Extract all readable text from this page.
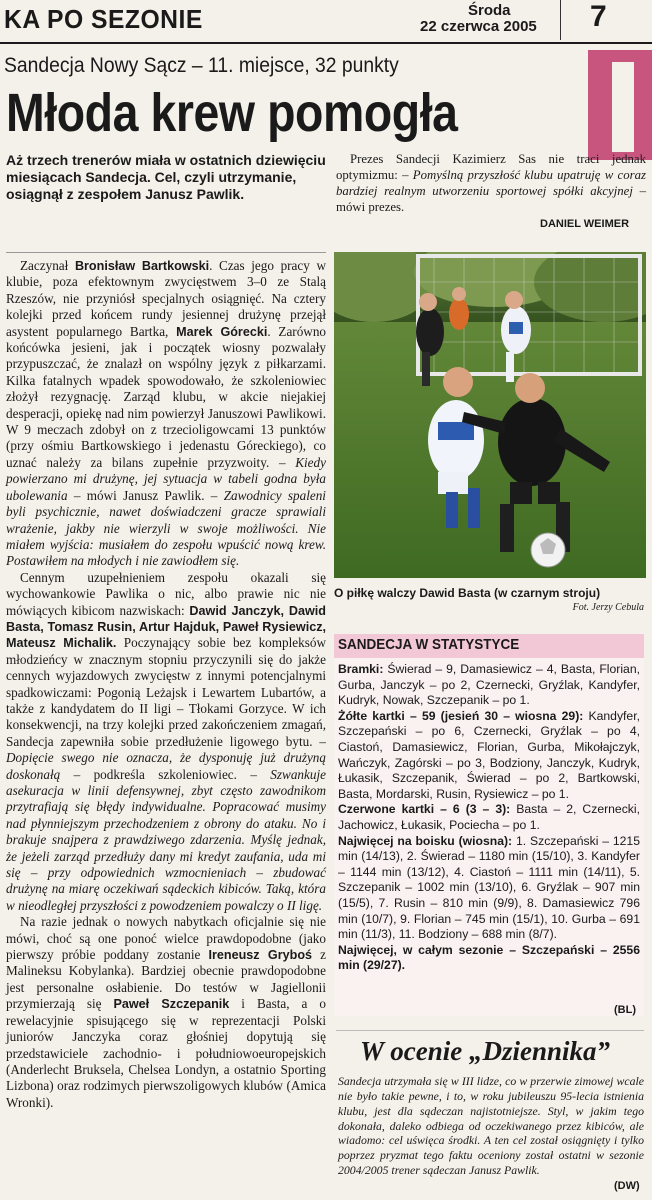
KA PO SEZONIE	Środa
22 czerwca 2005 7
Sandecja Nowy Sącz – 11. miejsce, 32 punkty
Młoda krew pomogła
Aż trzech trenerów miała w ostatnich dziewięciu miesiącach Sandecja. Cel, czyli utrzymanie, osiągnął z zespołem Janusz Pawlik.

Zaczynał Bronisław Bartkowski. Czas jego pracy w klubie, poza efektownym zwycięstwem 3–0 ze Stalą Rzeszów, nie przyniósł specjalnych osiągnięć. Na cztery kolejki przed końcem rundy jesiennej drużynę przejął asystent popularnego Bartka, Marek Górecki. Zarówno końcówka jesieni, jak i początek wiosny pozwalały przypuszczać, że znalazł on wspólny język z piłkarzami. Kilka fatalnych wpadek spowodowało, że szkoleniowiec złożył rezygnację. Zarząd klubu, w akcie niejakiej desperacji, opiekę nad nim powierzył Januszowi Pawlikowi. W 9 meczach zdobył on z trzecioligowcami 13 punktów (przy ośmiu Bartkowskiego i jedenastu Góreckiego), co uznać należy za bilans zupełnie przyzwoity. – Kiedy powierzano mi drużynę, jej sytuacja w tabeli godna była ubolewania – mówi Janusz Pawlik. – Zawodnicy spaleni byli psychicznie, nawet doświadczeni gracze sprawiali wrażenie, jakby nie wierzyli w swoje możliwości. Nie miałem wyjścia: musiałem do zespołu wpuścić nową krew. Postawiłem na młodych i nie zawiodłem się.

Cennym uzupełnieniem zespołu okazali się wychowankowie Pawlika o nic, albo prawie nic nie mówiących kibicom nazwiskach: Dawid Janczyk, Dawid Basta, Tomasz Rusin, Artur Hajduk, Paweł Rysiewicz, Mateusz Michalik. Poczynający sobie bez kompleksów młodzieńcy w znacznym stopniu przyczynili się do jakże cennych wyjazdowych zwycięstw z innymi potencjalnymi spadkowiczami: Pogonią Leżajsk i Lewartem Lubartów, a także z kandydatem do II ligi – Tłokami Gorzyce. W ich konsekwencji, na trzy kolejki przed zakończeniem zmagań, Sandecja zapewniła sobie przedłużenie ligowego bytu. – Dopięcie swego nie oznacza, że dysponuję już drużyną doskonałą – podkreśla szkoleniowiec. – Szwankuje asekuracja w linii defensywnej, zbyt często zawodnikom przytrafiają się błędy indywidualne. Popracować musimy nad płynniejszym przechodzeniem z obrony do ataku. No i brakuje snajpera z prawdziwego zdarzenia. Myślę jednak, że jeżeli zarząd przedłuży dany mi kredyt zaufania, uda mi się – przy odpowiednich wzmocnieniach – zbudować drużynę na miarę oczekiwań sądeckich kibiców. Taką, która w nieodległej przyszłości z powodzeniem powalczy o II ligę.

Na razie jednak o nowych nabytkach oficjalnie się nie mówi, choć są one ponoć wielce prawdopodobne (jako pierwszy próbie poddany zostanie Ireneusz Gryboś z Malineksu Kobylanka). Bardziej obecnie prawdopodobne jest personalne osłabienie. Do testów w Jagiellonii przymierzają się Paweł Szczepanik i Basta, a o rewelacyjnie spisującego się w reprezentacji Polski juniorów Janczyka coraz głośniej dopytują się przedstawiciele zachodnio- i południowoeuropejskich (Anderlecht Bruksela, Chelsea Londyn, a ostatnio Sporting Lizbona) oraz rodzimych pierwszoligowych klubów (Amica Wronki).

Prezes Sandecji Kazimierz Sas nie traci jednak optymizmu: – Pomyślną przyszłość klubu upatruję w coraz bardziej realnym utworzeniu sportowej spółki akcyjnej – mówi prezes.

DANIEL WEIMER
O piłkę walczy Dawid Basta (w czarnym stroju)
Fot. Jerzy Cebula
SANDECJA W STATYSTYCE

Bramki: Świerad – 9, Damasiewicz – 4, Basta, Florian, Gurba, Janczyk – po 2, Czernecki, Gryźlak, Kandyfer, Kudryk, Nowak, Szczepanik – po 1.

Żółte kartki – 59 (jesień 30 – wiosna 29): Kandyfer, Szczepański – po 6, Czernecki, Gryźlak – po 4, Ciastoń, Damasiewicz, Florian, Gurba, Mikołajczyk, Wańczyk, Zagórski – po 3, Bodziony, Janczyk, Kudryk, Łukasik, Szczepanik, Świerad – po 2, Bartkowski, Basta, Mordarski, Rusin, Rysiewicz – po 1.

Czerwone kartki – 6 (3 – 3): Basta – 2, Czernecki, Jachowicz, Łukasik, Pociecha – po 1.

Najwięcej na boisku (wiosna): 1. Szczepański – 1215 min (14/13), 2. Świerad – 1180 min (15/10), 3. Kandyfer – 1144 min (13/12), 4. Ciastoń – 1111 min (14/11), 5. Szczepanik – 1002 min (13/10), 6. Gryźlak – 907 min (15/5), 7. Rusin – 810 min (9/9), 8. Damasiewicz 796 min (10/7), 9. Florian – 745 min (15/1), 10. Gurba – 691 min (11/3), 11. Bodziony – 688 min (8/7).

Najwięcej, w całym sezonie – Szczepański – 2556 min (29/27).

(BL)
W ocenie „Dziennika”
Sandecja utrzymała się w III lidze, co w przerwie zimowej wcale nie było takie pewne, i to, w roku jubileuszu 95-lecia istnienia klubu, jest dla sądeczan najistotniejsze. Styl, w jakim tego dokonała, daleko odbiega od oczekiwanego przez kibiców, ale wiadomo: cel uświęca środki. A ten cel został osiągnięty i tylko poprzez pryzmat tego faktu oceniony został ostatni w sezonie 2004/2005 trener sądeczan Janusz Pawlik.
(DW)
